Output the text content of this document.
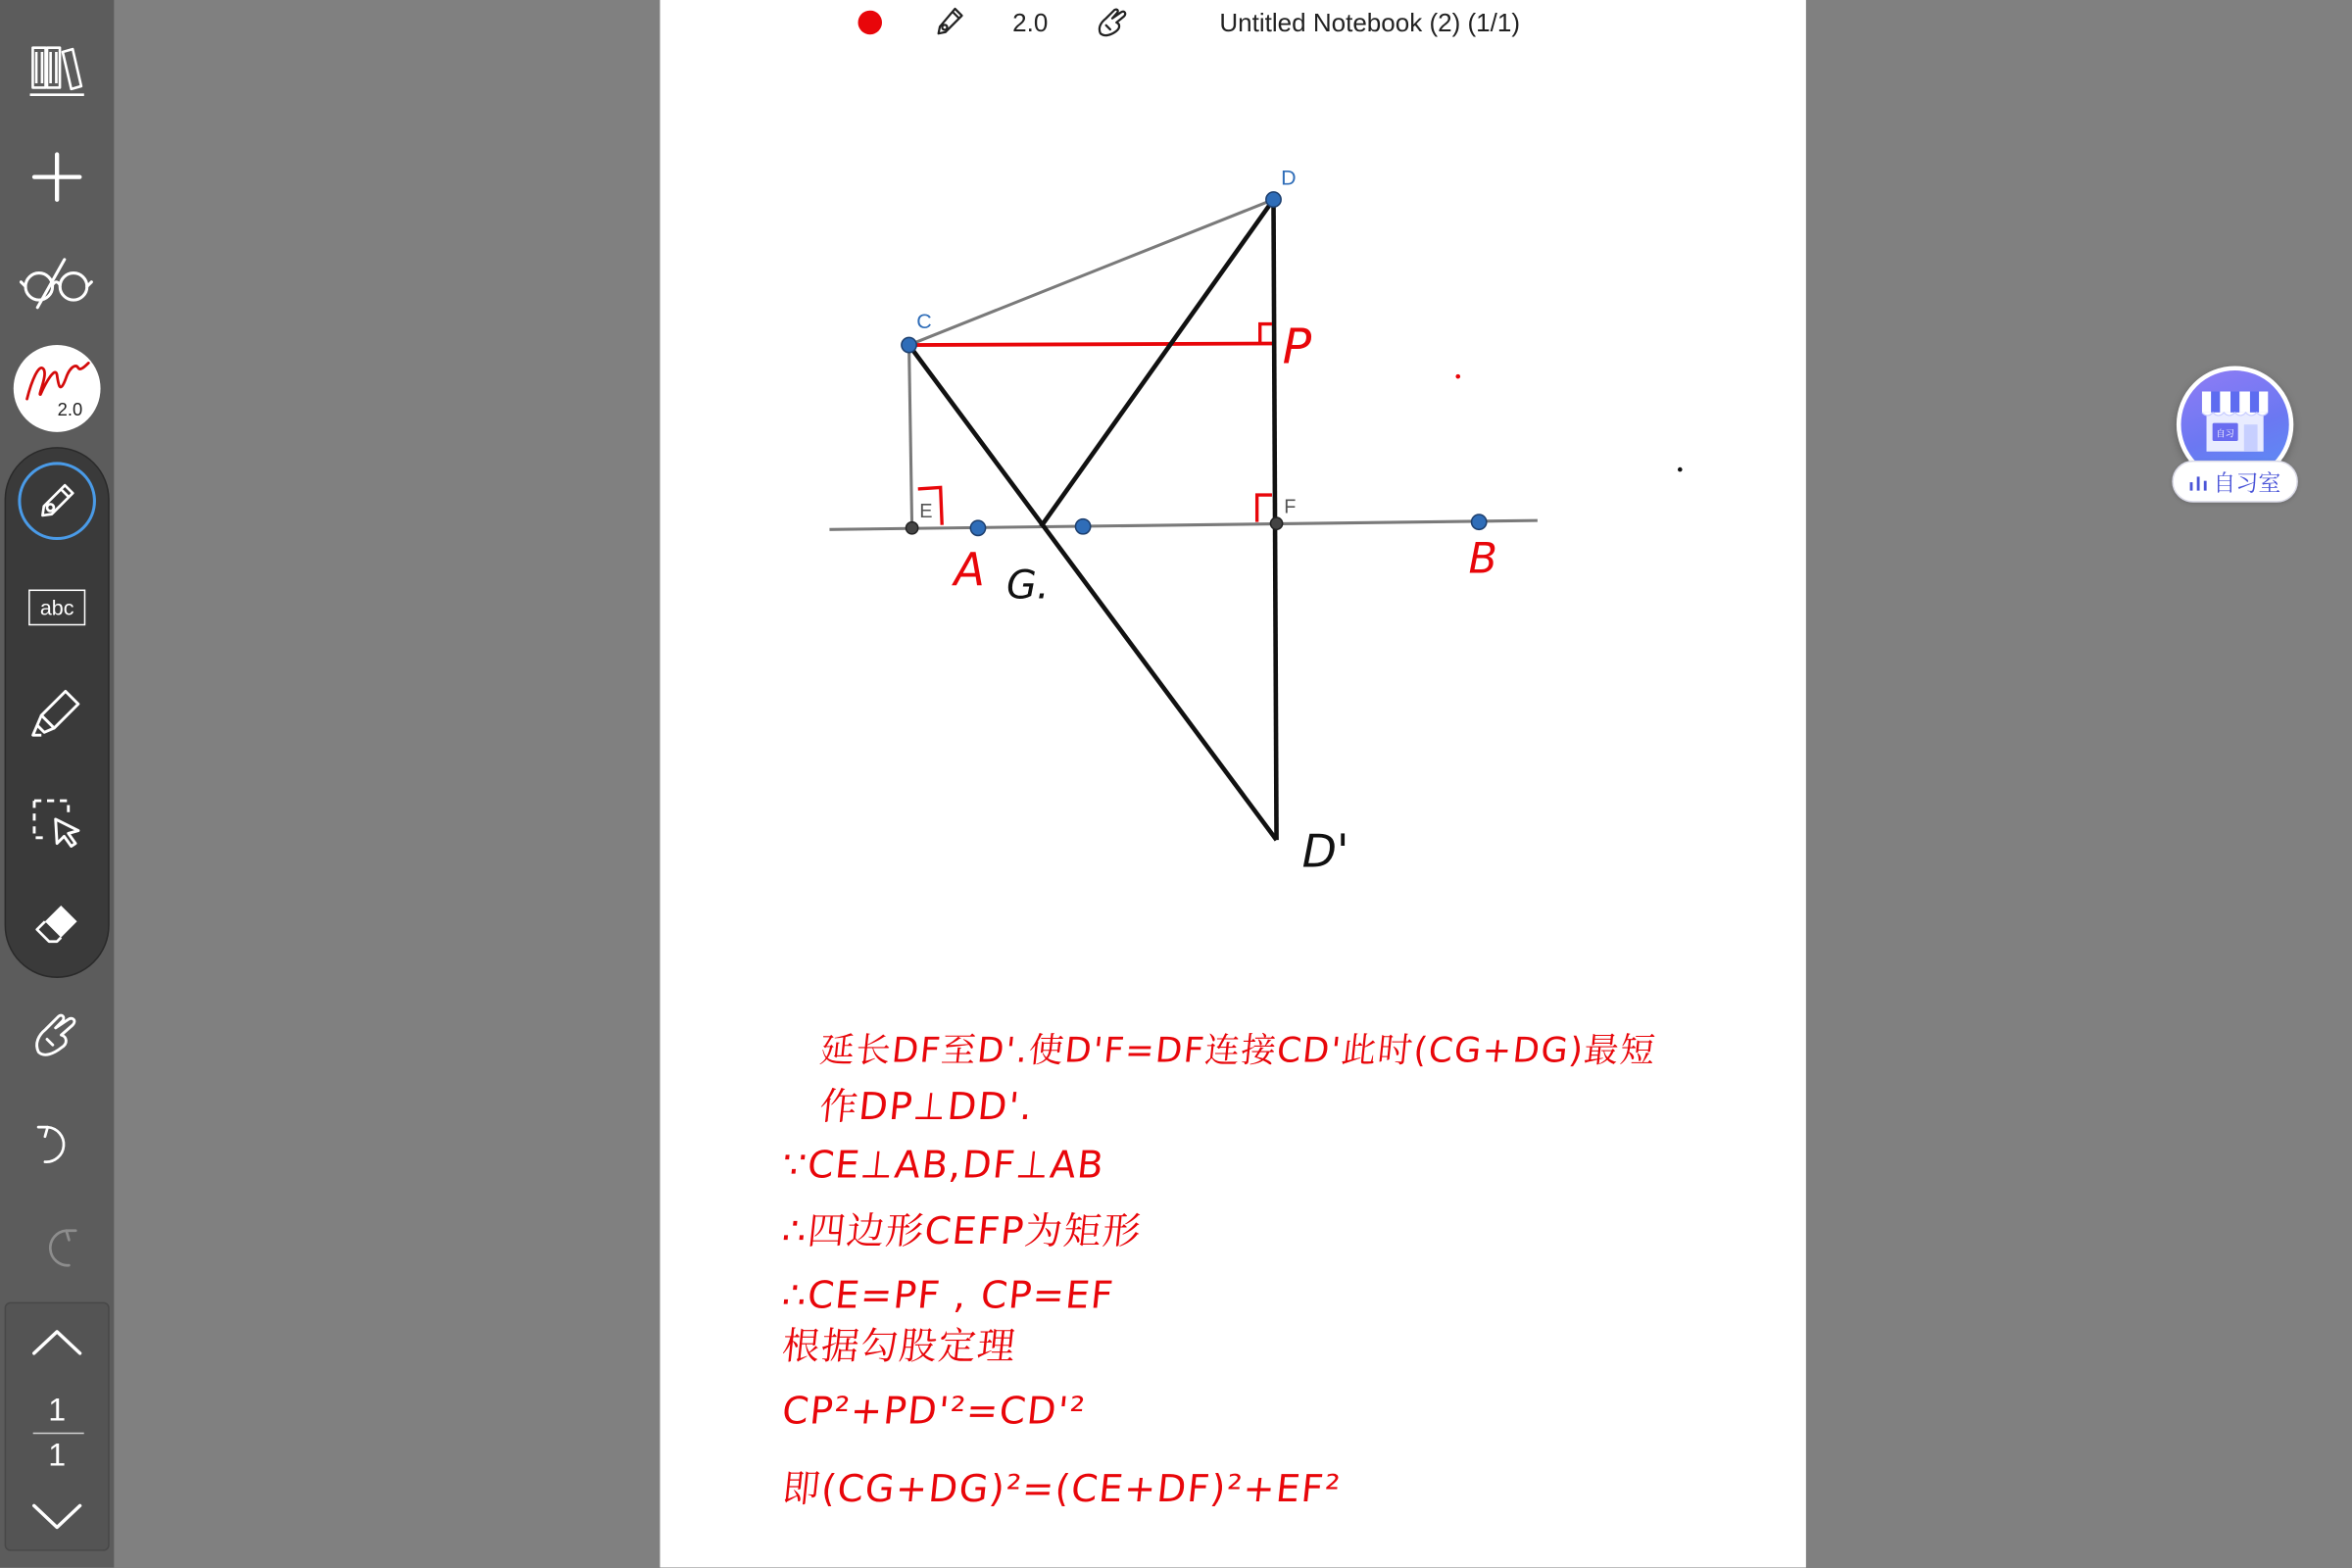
2.0
abc
1
1
2.0	Untitled Notebook (2) (1/1)
D
C
E	F
P
A G.
B
D'
延长DF至D'.使D'F=DF连接CD'此时(CG+DG)最短
作DP⊥DD'.
∵CE⊥AB,DF⊥AB
∴四边形CEFP为矩形
∴CE=PF , CP=EF
根据勾股定理
CP²+PD'²=CD'²
即(CG+DG)²=(CE+DF)²+EF²
自习
自习室
